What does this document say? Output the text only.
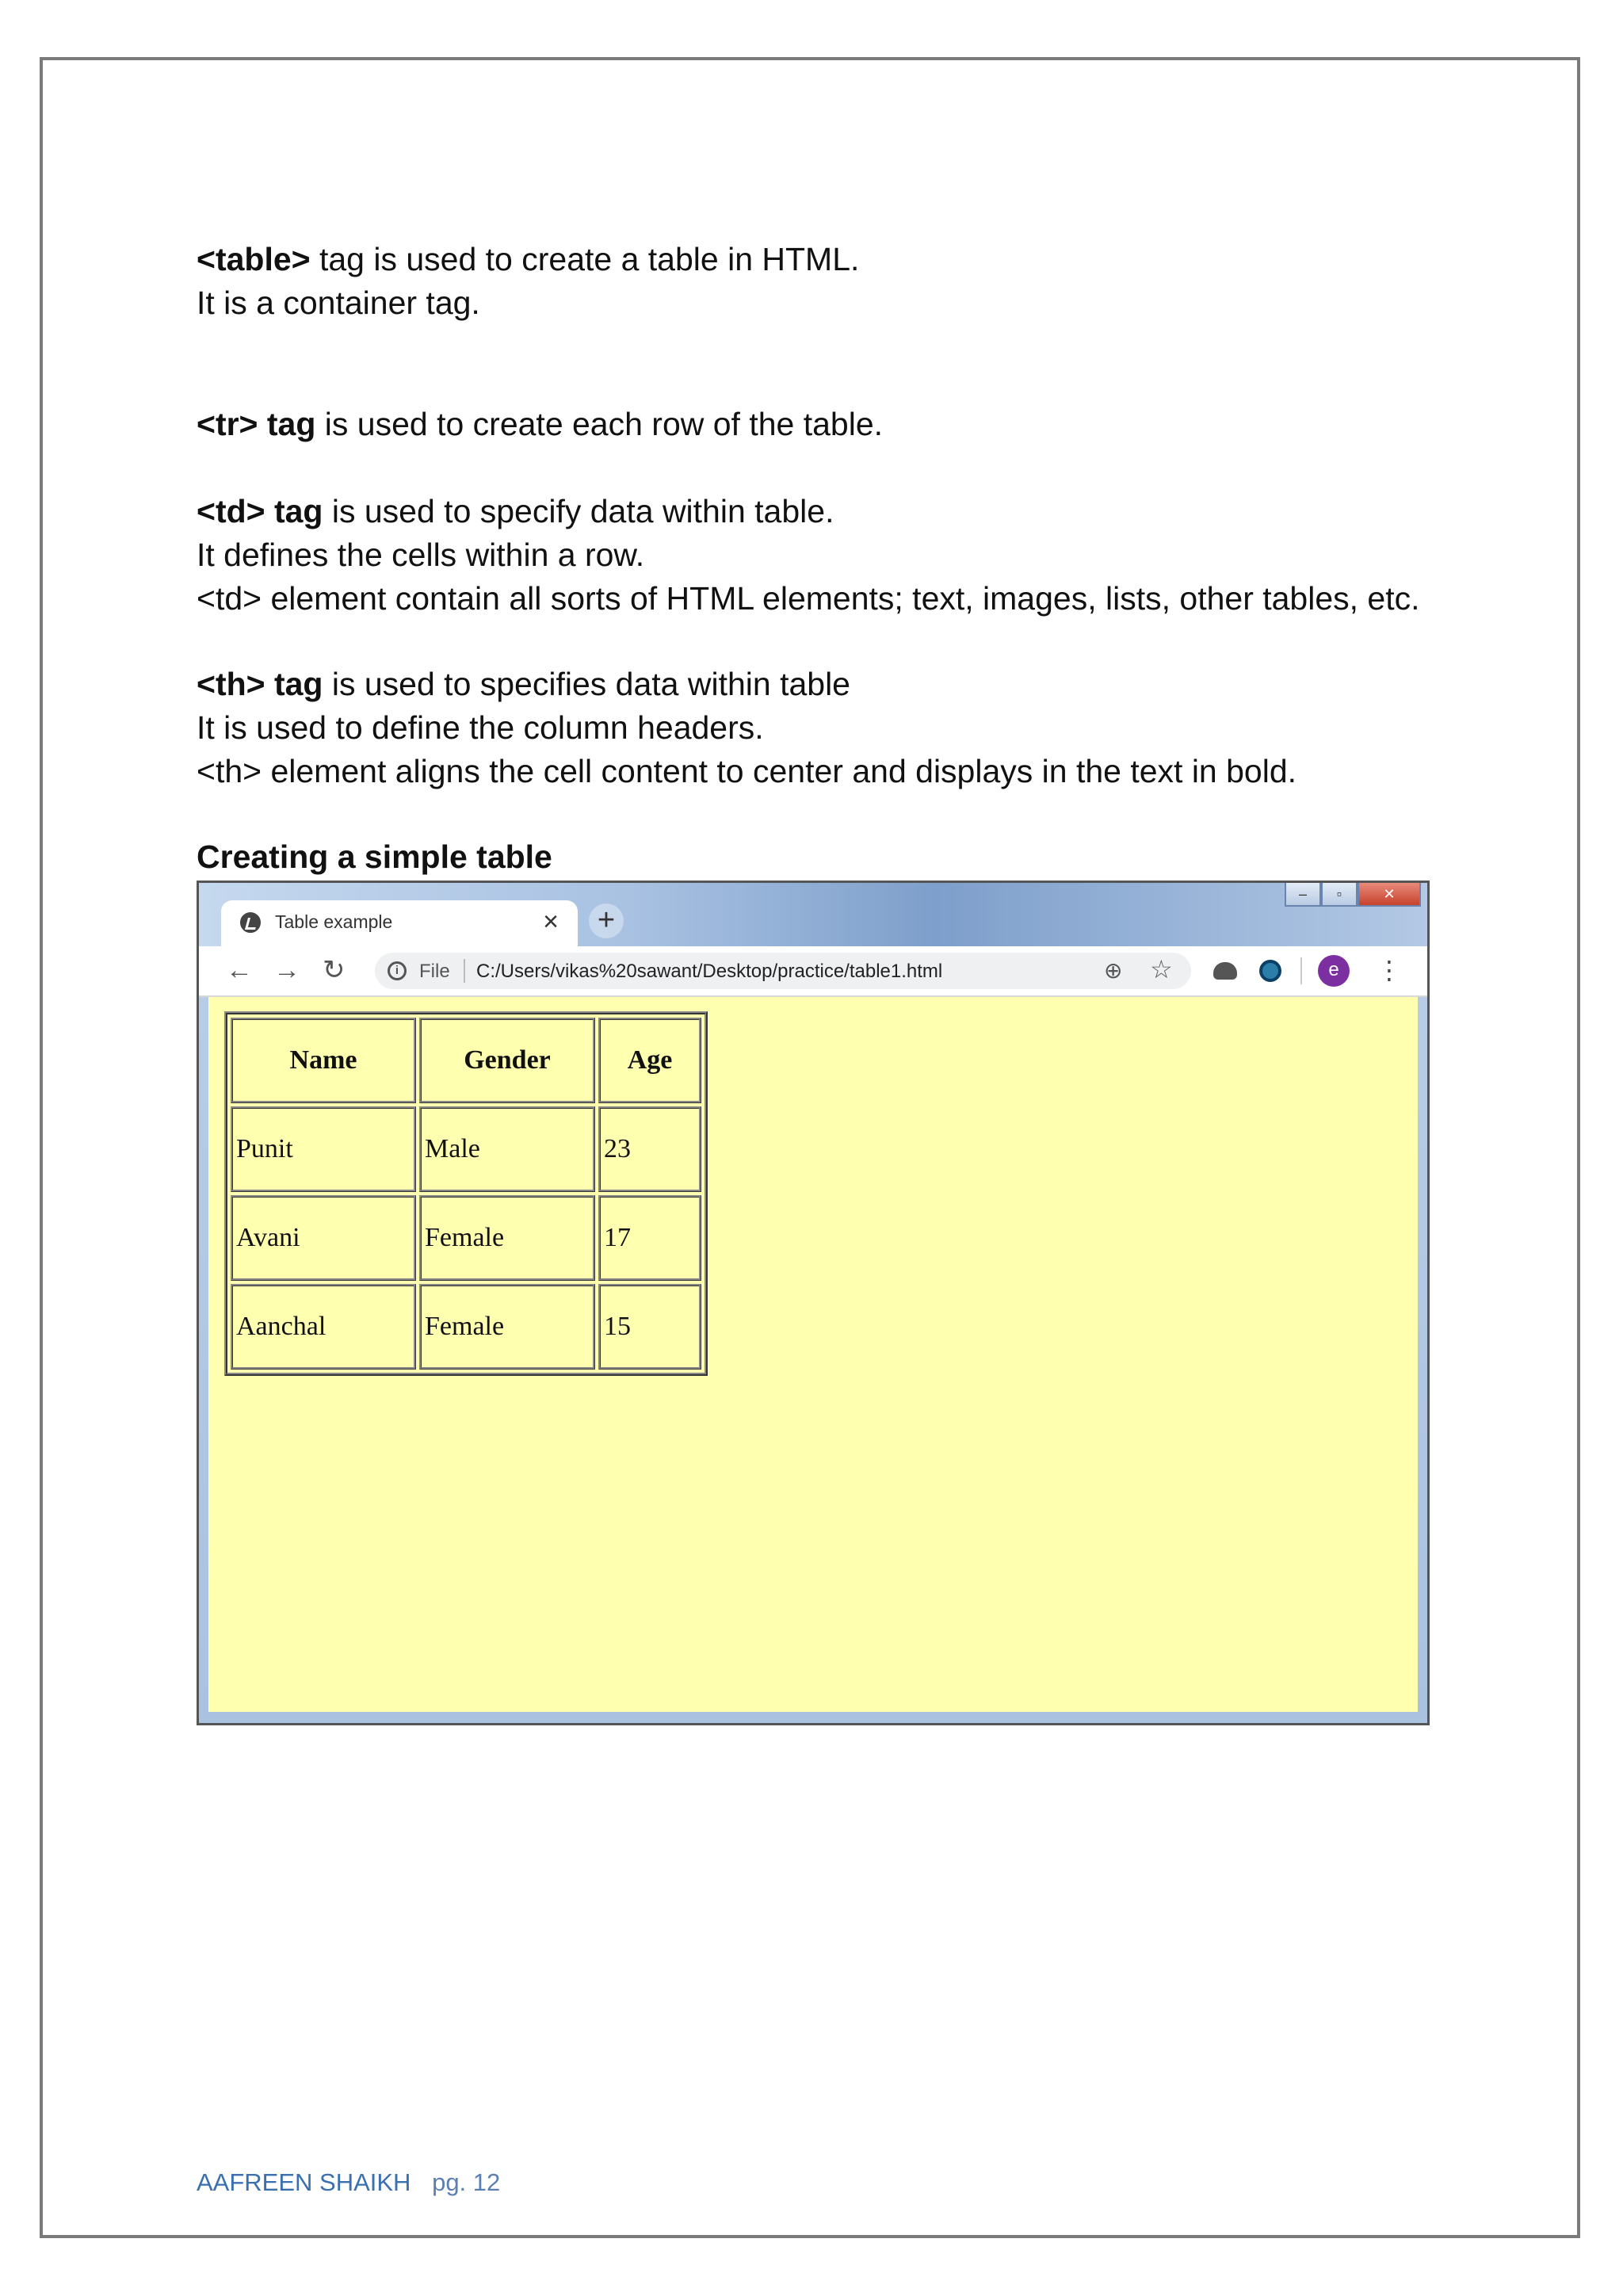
<table> tag is used to create a table in HTML.
It is a container tag.
<tr> tag is used to create each row of the table.
<td> tag is used to specify data within table.
It defines the cells within a row.
<td> element contain all sorts of HTML elements; text, images, lists, other tables, etc.
<th> tag is used to specifies data within table
It is used to define the column headers.
<th> element aligns the cell content to center and displays in the text in bold.
Creating a simple table
Table example	× +
–	▫	✕
← → ↻	i	File C:/Users/vikas%20sawant/Desktop/practice/table1.html	⊕ ☆	e	⋮
Name	Gender	Age
Punit	Male	23
Avani	Female	17
Aanchal	Female	15
AAFREEN SHAIKH pg. 12
